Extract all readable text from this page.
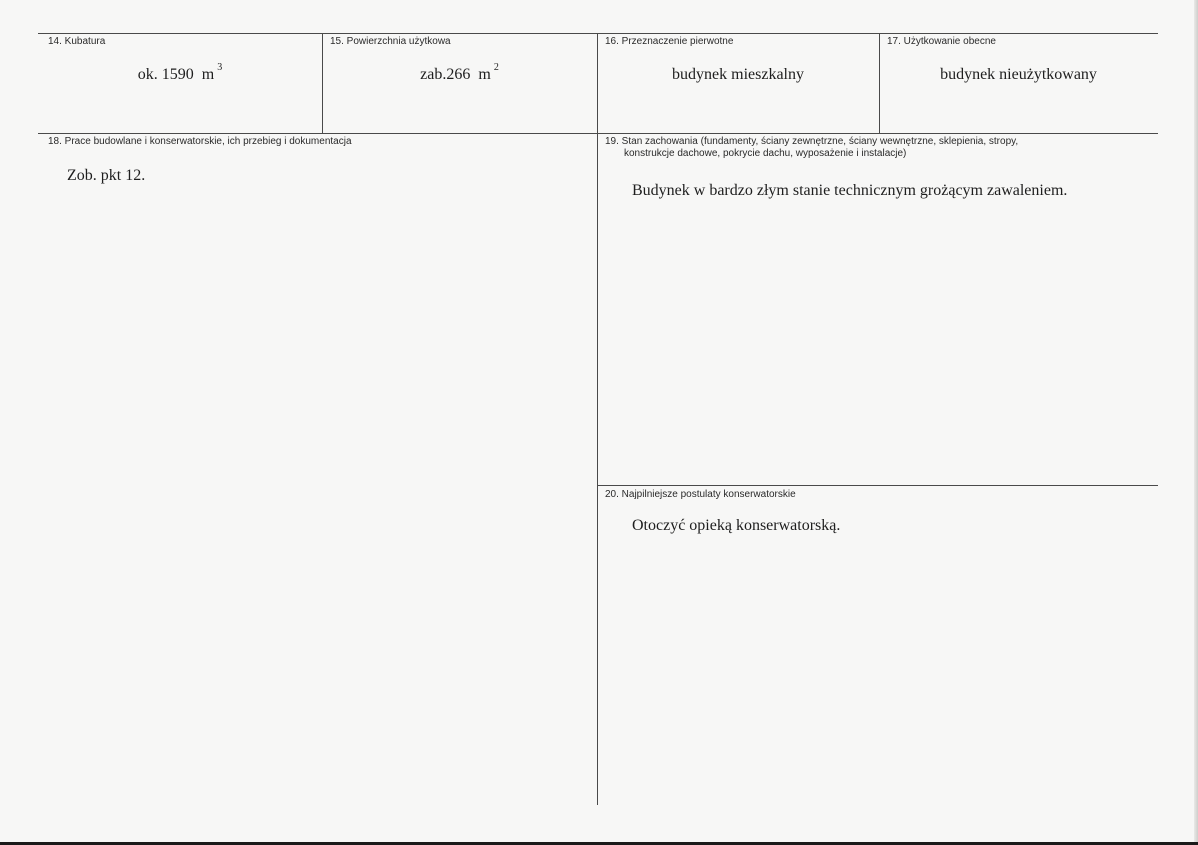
14. Kubatura
ok. 1590 m $^3$
15. Powierzchnia użytkowa
zab.266 m $^2$
16. Przeznaczenie pierwotne
budynek mieszkalny
17. Użytkowanie obecne
budynek nieużytkowany
18. Prace budowlane i konserwatorskie, ich przebieg i dokumentacja
Zob. pkt 12.
19. Stan zachowania (fundamenty, ściany zewnętrzne, ściany wewnętrzne, sklepienia, stropy,
konstrukcje dachowe, pokrycie dachu, wyposażenie i instalacje)
Budynek w bardzo złym stanie technicznym grożącym zawaleniem.
20. Najpilniejsze postulaty konserwatorskie
Otoczyć opieką konserwatorską.
